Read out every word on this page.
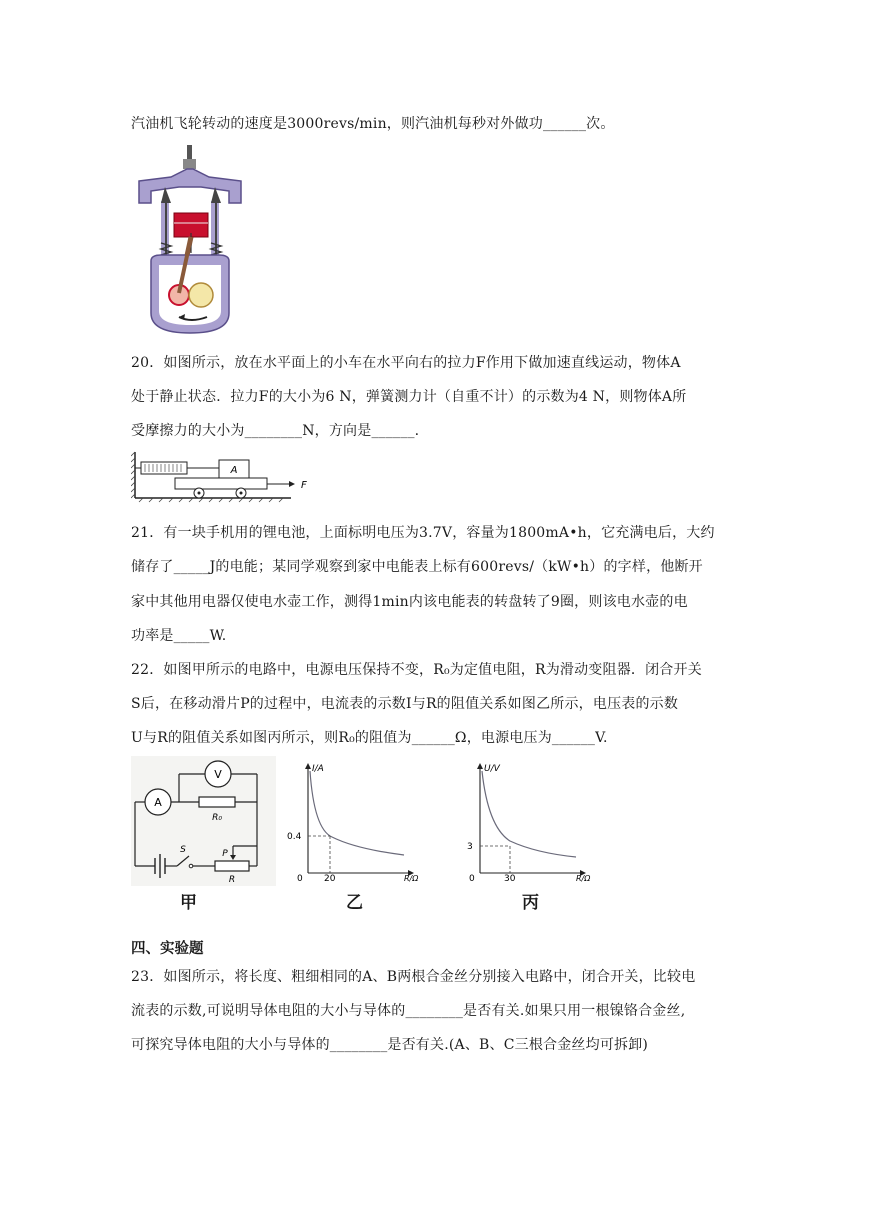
汽油机飞轮转动的速度是3000revs/min，则汽油机每秒对外做功______次。
20．如图所示，放在水平面上的小车在水平向右的拉力F作用下做加速直线运动，物体A
处于静止状态．拉力F的大小为6 N，弹簧测力计（自重不计）的示数为4 N，则物体A所
受摩擦力的大小为________N，方向是______.
A
F
21．有一块手机用的锂电池，上面标明电压为3.7V，容量为1800mA•h，它充满电后，大约
储存了_____J的电能；某同学观察到家中电能表上标有600revs/（kW•h）的字样，他断开
家中其他用电器仅使电水壶工作，测得1min内该电能表的转盘转了9圈，则该电水壶的电
功率是_____W.
22．如图甲所示的电路中，电源电压保持不变，R₀为定值电阻，R为滑动变阻器．闭合开关
S后，在移动滑片P的过程中，电流表的示数I与R的阻值关系如图乙所示，电压表的示数
U与R的阻值关系如图丙所示，则R₀的阻值为______Ω，电源电压为______V.
V
A
R₀
S	P
R
I/A
R/Ω
0
0.4
20
U/V
R/Ω
0
3
30
甲	乙	丙
四、实验题
23．如图所示，将长度、粗细相同的A、B两根合金丝分别接入电路中，闭合开关，比较电
流表的示数,可说明导体电阻的大小与导体的________是否有关.如果只用一根镍铬合金丝,
可探究导体电阻的大小与导体的________是否有关.(A、B、C三根合金丝均可拆卸)
